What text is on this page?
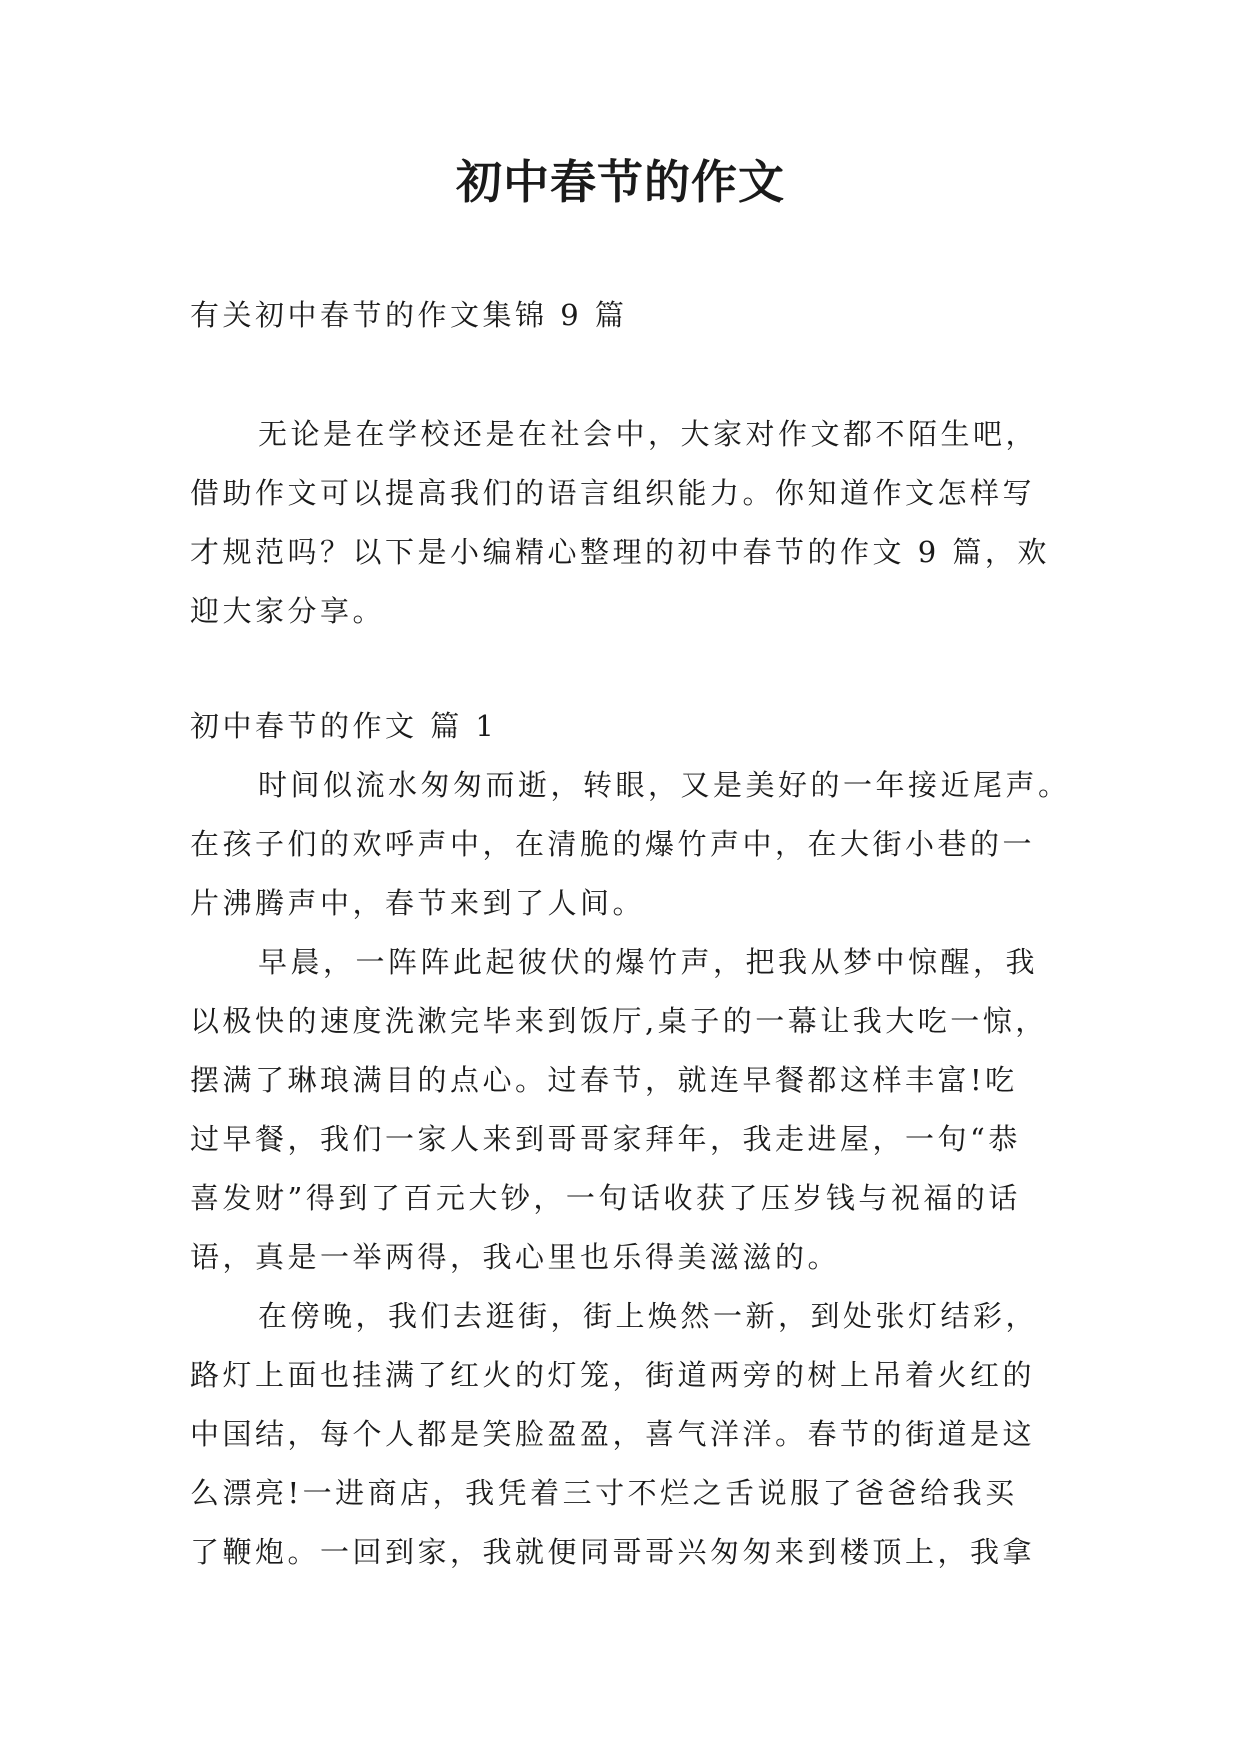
初中春节的作文
有关初中春节的作文集锦 9 篇
无论是在学校还是在社会中，大家对作文都不陌生吧，
借助作文可以提高我们的语言组织能力。你知道作文怎样写
才规范吗？以下是小编精心整理的初中春节的作文 9 篇，欢
迎大家分享。
初中春节的作文 篇 1
时间似流水匆匆而逝，转眼，又是美好的一年接近尾声。
在孩子们的欢呼声中，在清脆的爆竹声中，在大街小巷的一
片沸腾声中，春节来到了人间。
早晨，一阵阵此起彼伏的爆竹声，把我从梦中惊醒，我
以极快的速度洗漱完毕来到饭厅,桌子的一幕让我大吃一惊，
摆满了琳琅满目的点心。过春节，就连早餐都这样丰富!吃
过早餐，我们一家人来到哥哥家拜年，我走进屋，一句“恭
喜发财”得到了百元大钞，一句话收获了压岁钱与祝福的话
语，真是一举两得，我心里也乐得美滋滋的。
在傍晚，我们去逛街，街上焕然一新，到处张灯结彩，
路灯上面也挂满了红火的灯笼，街道两旁的树上吊着火红的
中国结，每个人都是笑脸盈盈，喜气洋洋。春节的街道是这
么漂亮!一进商店，我凭着三寸不烂之舌说服了爸爸给我买
了鞭炮。一回到家，我就便同哥哥兴匆匆来到楼顶上，我拿
